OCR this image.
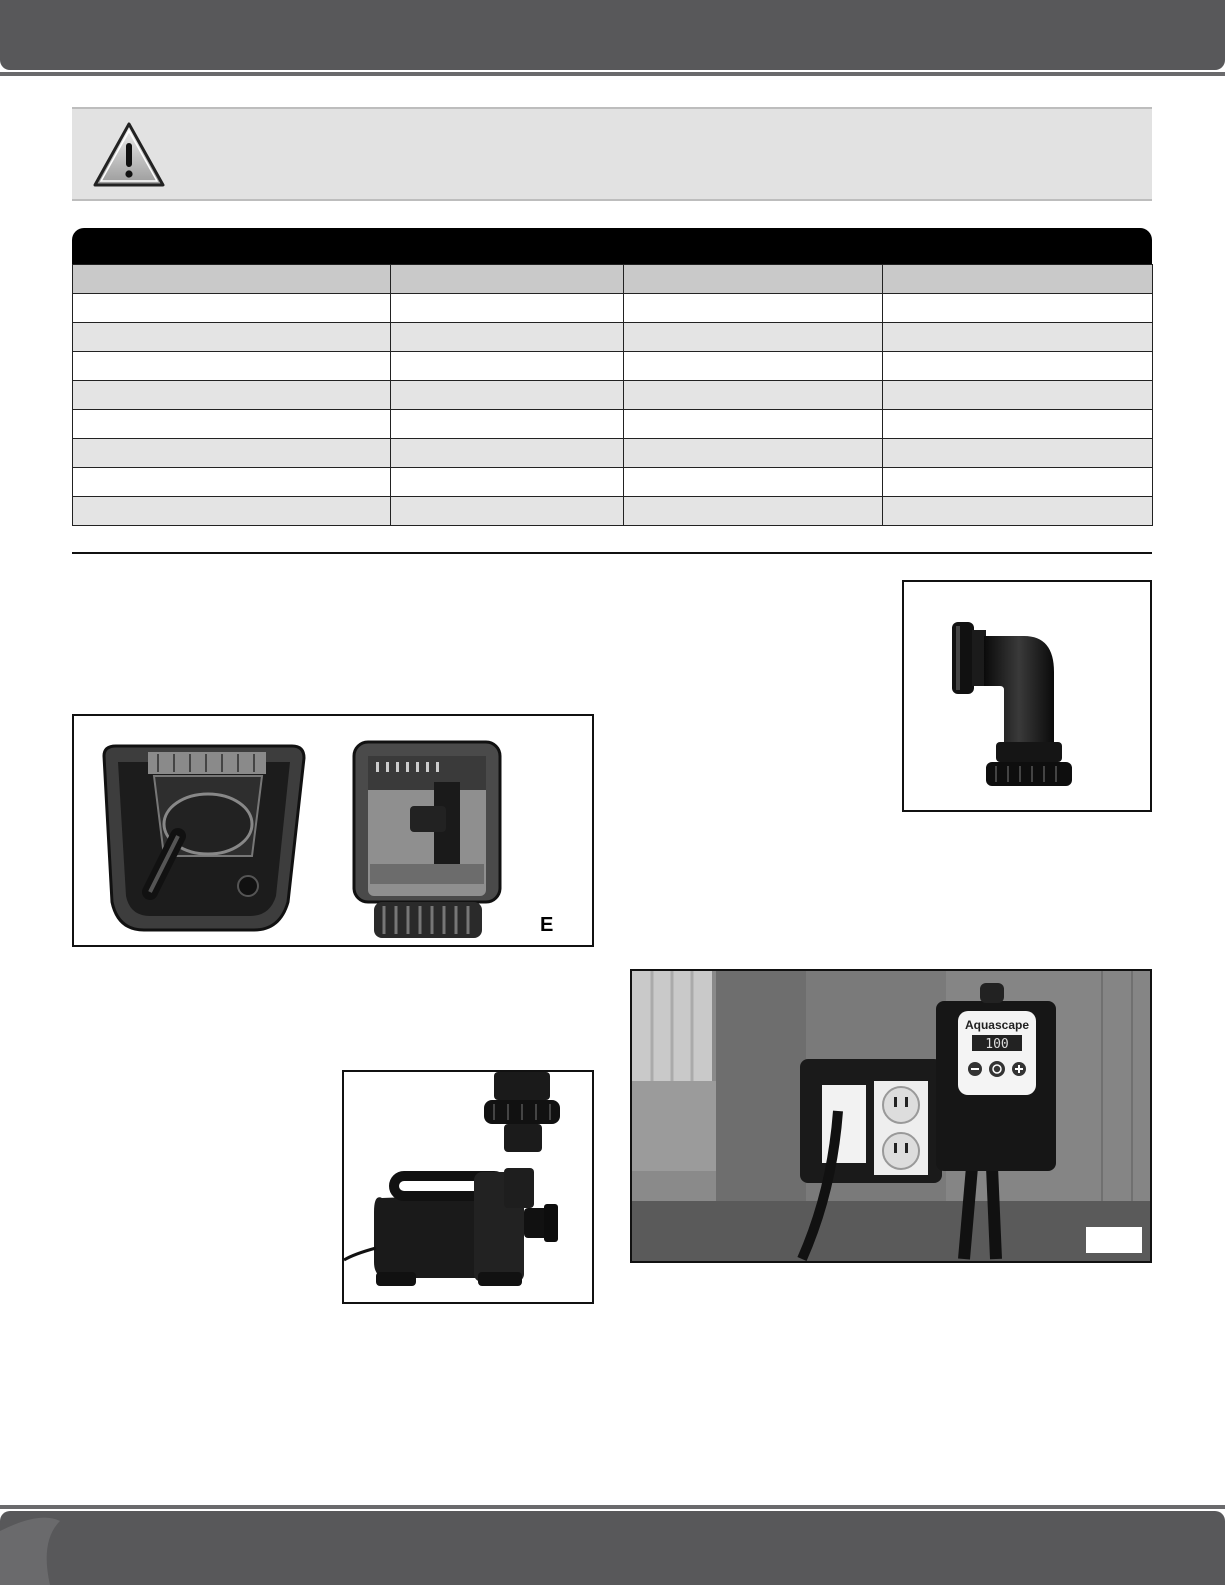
E
Aquascape
100
